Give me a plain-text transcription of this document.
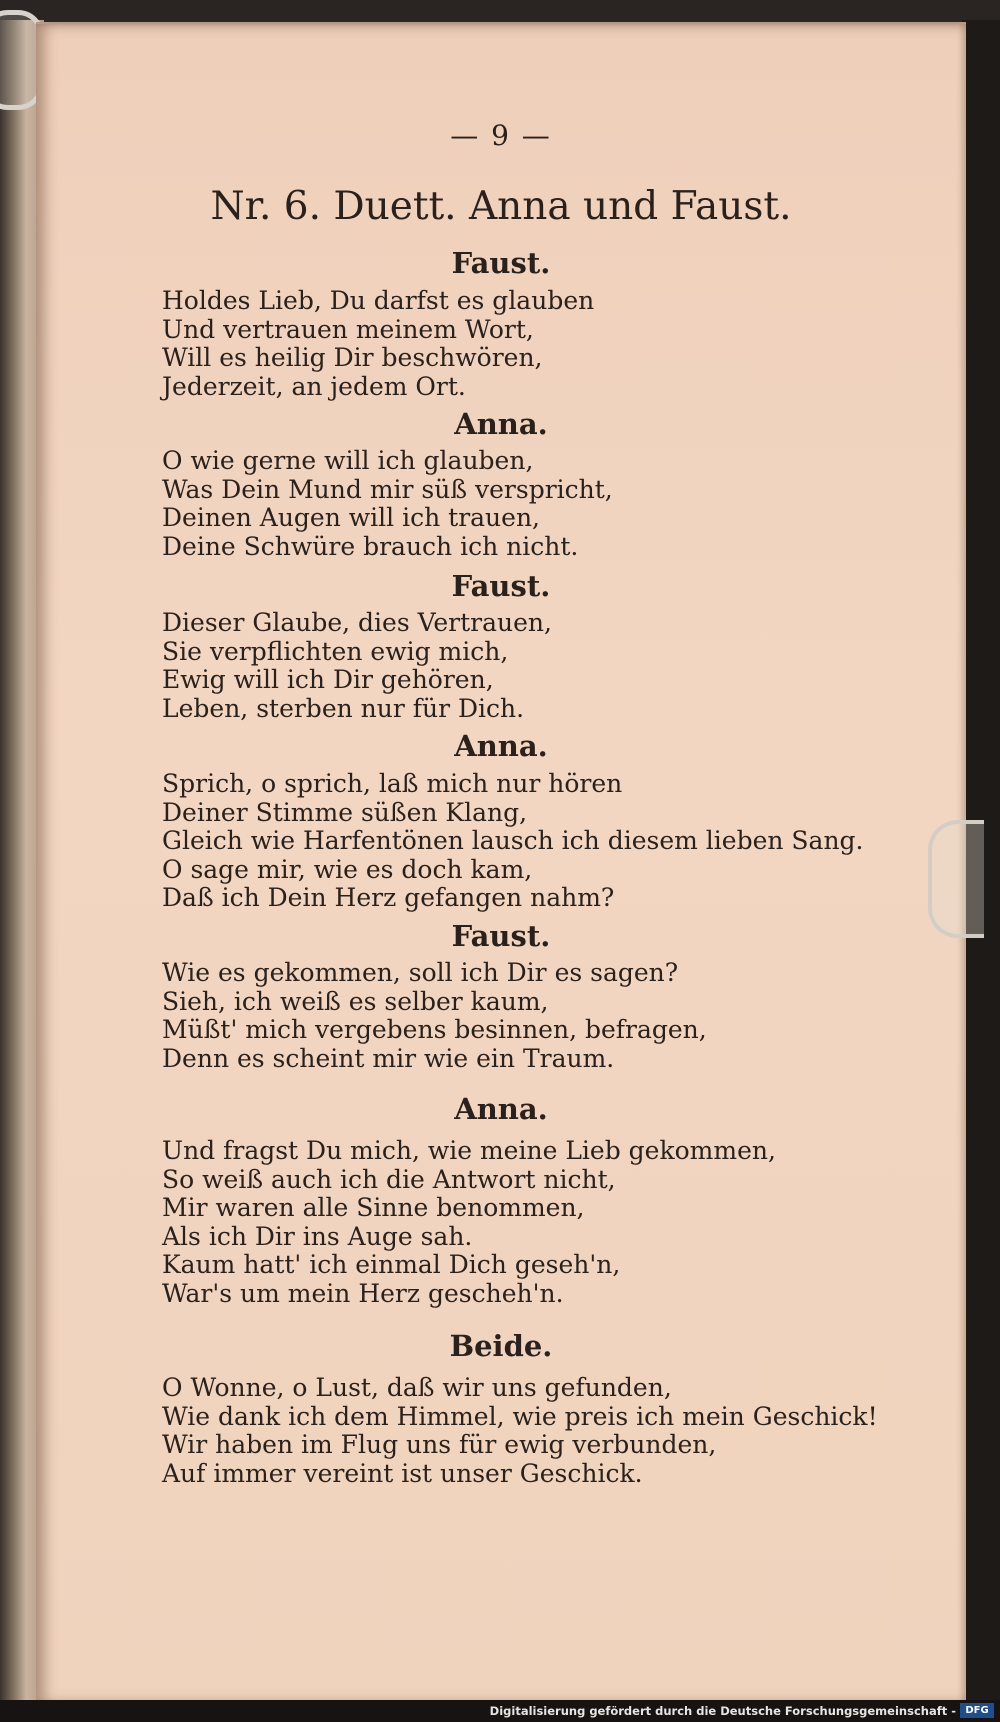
— 9 —

Nr. 6. Duett. Anna und Faust.

Faust.

Holdes Lieb, Du darfst es glauben
Und vertrauen meinem Wort,
Will es heilig Dir beschwören,
Jederzeit, an jedem Ort.

Anna.

O wie gerne will ich glauben,
Was Dein Mund mir süß verspricht,
Deinen Augen will ich trauen,
Deine Schwüre brauch ich nicht.

Faust.

Dieser Glaube, dies Vertrauen,
Sie verpflichten ewig mich,
Ewig will ich Dir gehören,
Leben, sterben nur für Dich.

Anna.

Sprich, o sprich, laß mich nur hören
Deiner Stimme süßen Klang,
Gleich wie Harfentönen lausch ich diesem lieben Sang.
O sage mir, wie es doch kam,
Daß ich Dein Herz gefangen nahm?

Faust.

Wie es gekommen, soll ich Dir es sagen?
Sieh, ich weiß es selber kaum,
Müßt' mich vergebens besinnen, befragen,
Denn es scheint mir wie ein Traum.

Anna.

Und fragst Du mich, wie meine Lieb gekommen,
So weiß auch ich die Antwort nicht,
Mir waren alle Sinne benommen,
Als ich Dir ins Auge sah.
Kaum hatt' ich einmal Dich geseh'n,
War's um mein Herz gescheh'n.

Beide.

O Wonne, o Lust, daß wir uns gefunden,
Wie dank ich dem Himmel, wie preis ich mein Geschick!
Wir haben im Flug uns für ewig verbunden,
Auf immer vereint ist unser Geschick.
Digitalisierung gefördert durch die Deutsche Forschungsgemeinschaft - DFG
